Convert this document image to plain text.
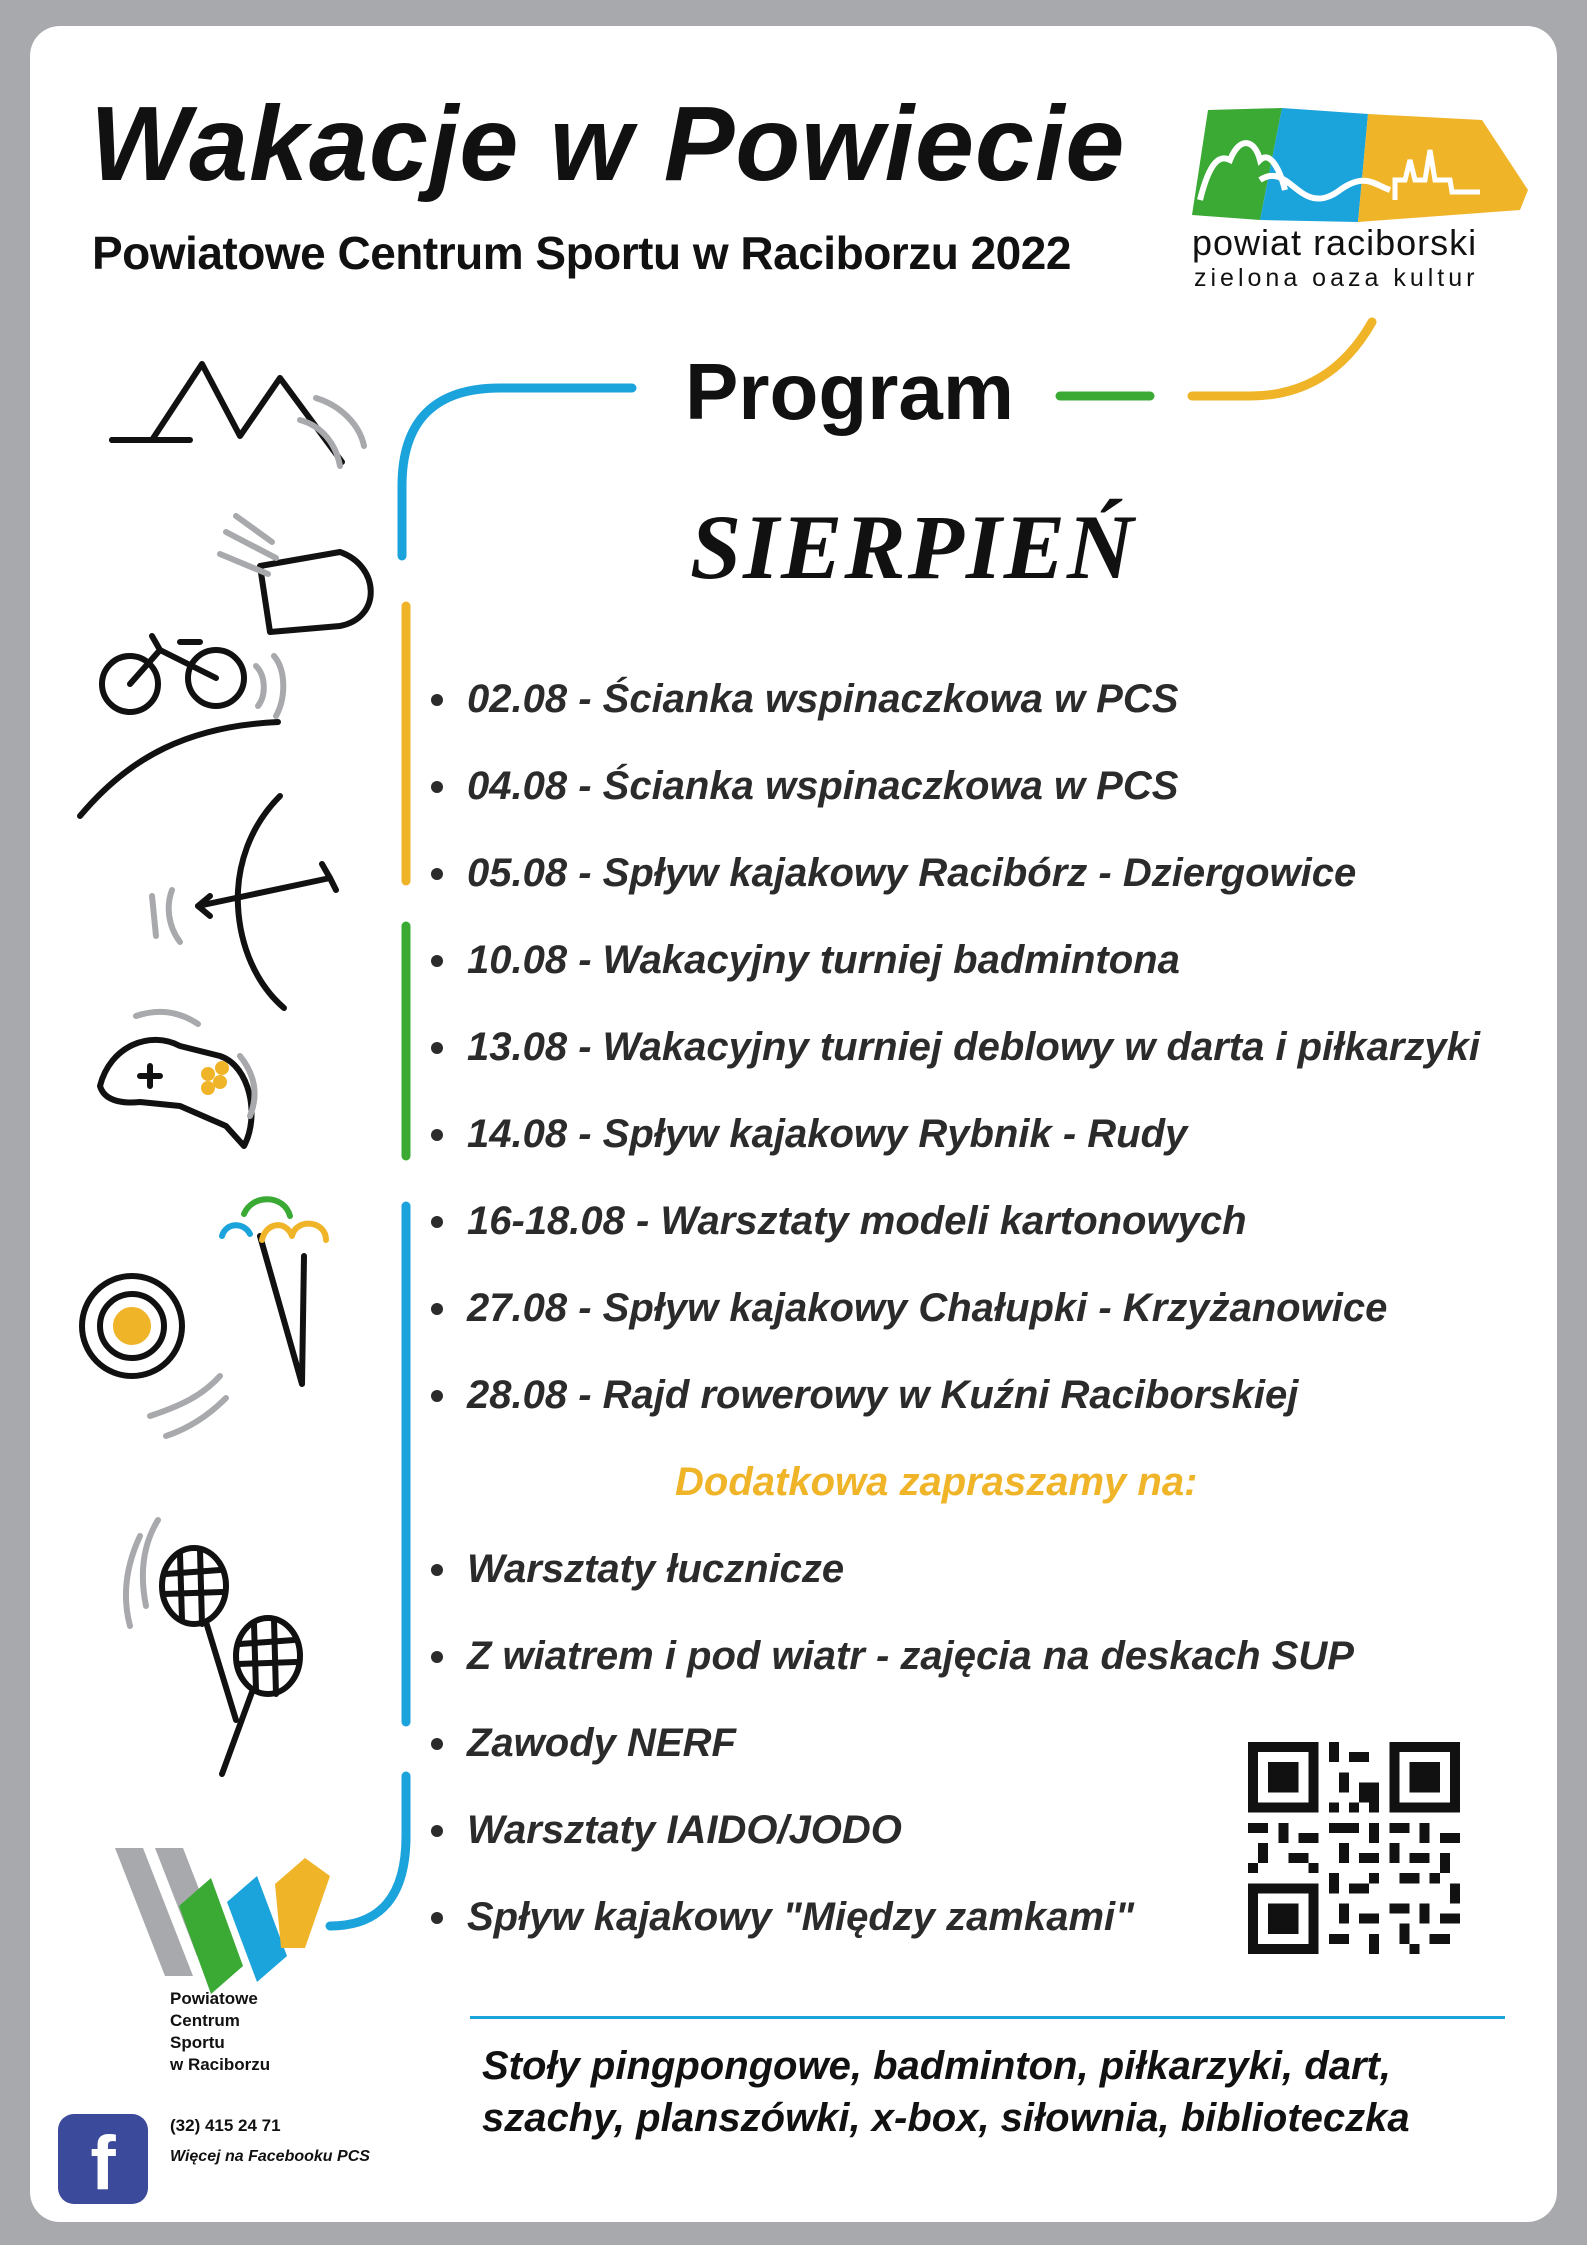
Wakacje w Powiecie
Powiatowe Centrum Sportu w Raciborzu 2022	powiat raciborski
zielona oaza kultur
Program
SIERPIEŃ
02.08 - Ścianka wspinaczkowa w PCS
04.08 - Ścianka wspinaczkowa w PCS
05.08 - Spływ kajakowy Racibórz - Dziergowice
10.08 - Wakacyjny turniej badmintona
13.08 - Wakacyjny turniej deblowy w darta i piłkarzyki
14.08 - Spływ kajakowy Rybnik - Rudy
16-18.08 - Warsztaty modeli kartonowych
27.08 - Spływ kajakowy Chałupki - Krzyżanowice
28.08 - Rajd rowerowy w Kuźni Raciborskiej
Dodatkowa zapraszamy na:
Warsztaty łucznicze
Z wiatrem i pod wiatr - zajęcia na deskach SUP
Zawody NERF
Warsztaty IAIDO/JODO
Spływ kajakowy "Między zamkami"
Stoły pingpongowe, badminton, piłkarzyki, dart,
szachy, planszówki, x-box, siłownia, biblioteczka
Powiatowe
Centrum
Sportu
w Raciborzu
f	(32) 415 24 71
Więcej na Facebooku PCS
